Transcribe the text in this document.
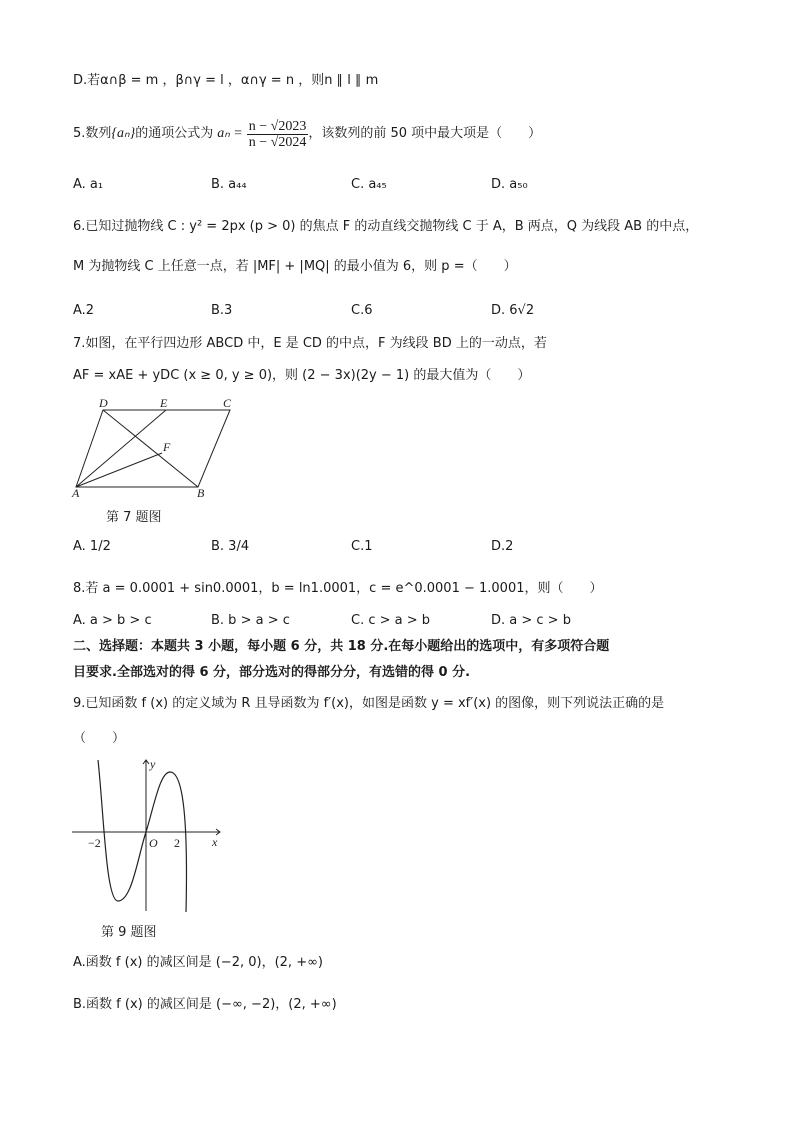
D.若α∩β = m ，β∩γ = l ，α∩γ = n ，则n ∥ l ∥ m
5.数列 {aₙ} 的通项公式为 $a_n = \frac{n - √2023}{n - √2024}$ ，该数列的前 50 项中最大项是（　　）
A. a₁	B. a₄₄	C. a₄₅	D. a₅₀
6.已知过抛物线 C : y² = 2px (p > 0) 的焦点 F 的动直线交抛物线 C 于 A，B 两点，Q 为线段 AB 的中点，
M 为抛物线 C 上任意一点，若 |MF| + |MQ| 的最小值为 6，则 p =（　　）
A.2	B.3	C.6	D. 6√2
7.如图，在平行四边形 ABCD 中，E 是 CD 的中点，F 为线段 BD 上的一动点，若
AF = xAE + yDC (x ≥ 0, y ≥ 0)，则 (2 − 3x)(2y − 1) 的最大值为（　　）
D	E	C
F
A	B
第 7 题图
A. 1/2	B. 3/4	C.1	D.2
8.若 a = 0.0001 + sin0.0001，b = ln1.0001，c = e^0.0001 − 1.0001，则（　　）
A. a > b > c	B. b > a > c	C. c > a > b	D. a > c > b
二、选择题：本题共 3 小题，每小题 6 分，共 18 分.在每小题给出的选项中，有多项符合题
目要求.全部选对的得 6 分，部分选对的得部分分，有选错的得 0 分.
9.已知函数 f (x) 的定义域为 R 且导函数为 f′(x)，如图是函数 y = xf′(x) 的图像，则下列说法正确的是
（　　）
y
x
O
−2	2
第 9 题图
A.函数 f (x) 的减区间是 (−2, 0)，(2, +∞)
B.函数 f (x) 的减区间是 (−∞, −2)，(2, +∞)
